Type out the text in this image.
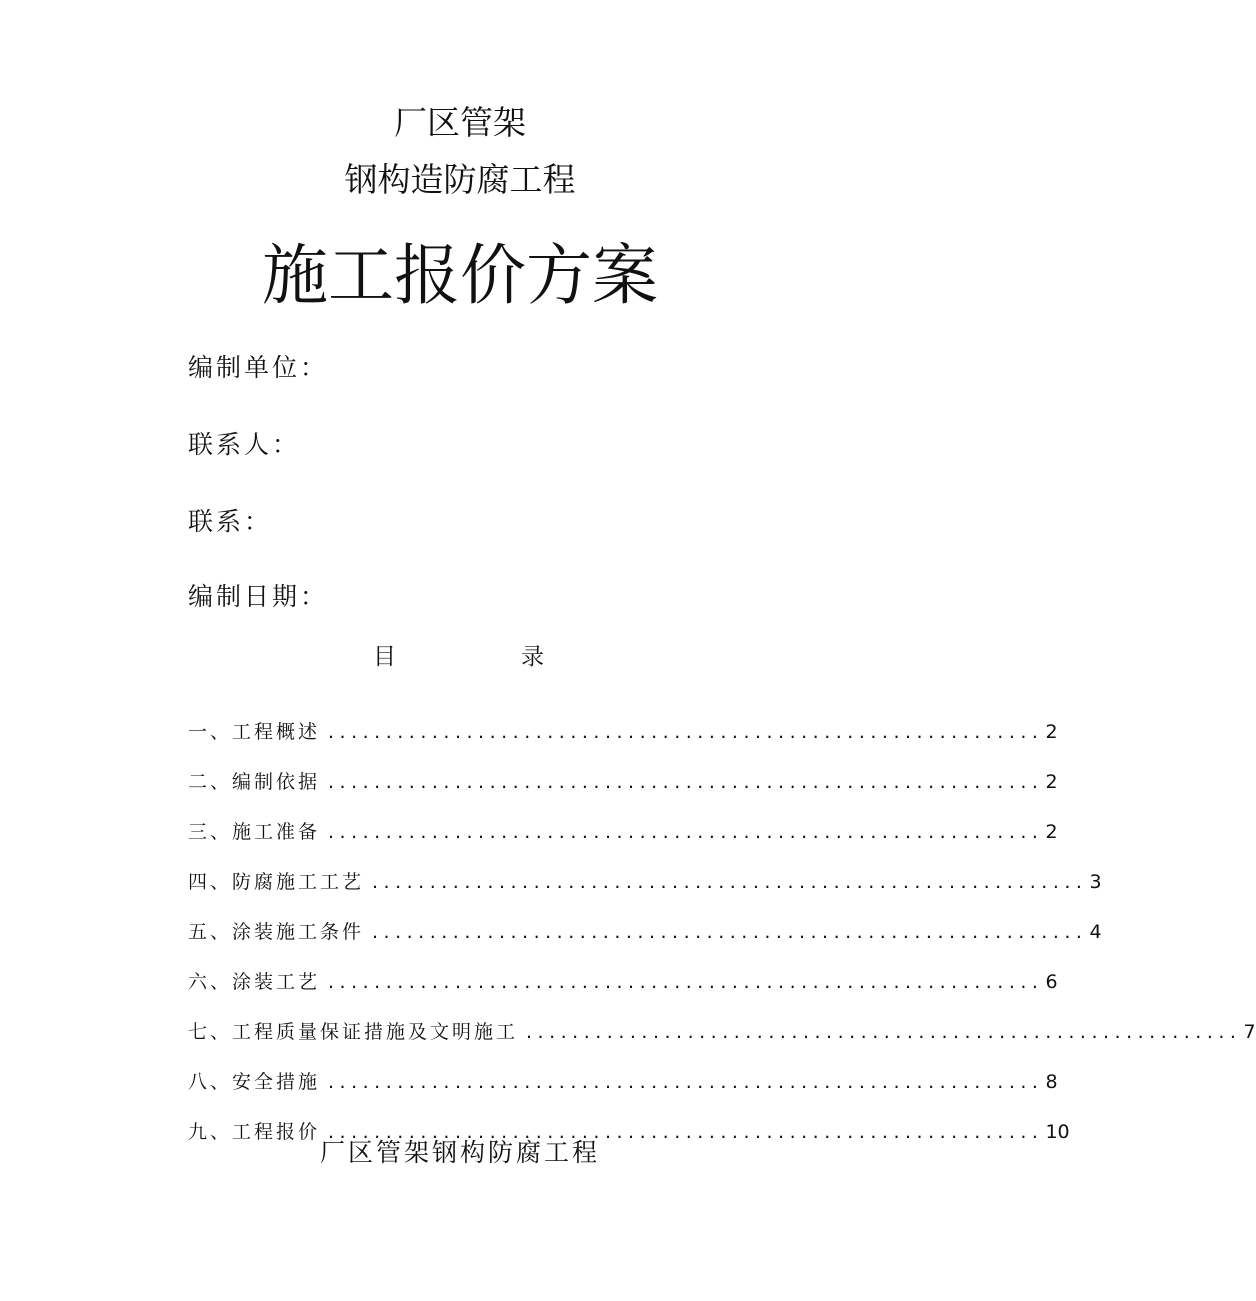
厂区管架
钢构造防腐工程
施工报价方案
编制单位：
联系人：
联系：
编制日期：
目	录
一、工程概述 .............................................................. 2
二、编制依据 .............................................................. 2
三、施工准备 .............................................................. 2
四、防腐施工工艺 .............................................................. 3
五、涂装施工条件 .............................................................. 4
六、涂装工艺 .............................................................. 6
七、工程质量保证措施及文明施工 .............................................................. 7
八、安全措施 .............................................................. 8
九、工程报价 .............................................................. 10
厂区管架钢构防腐工程
